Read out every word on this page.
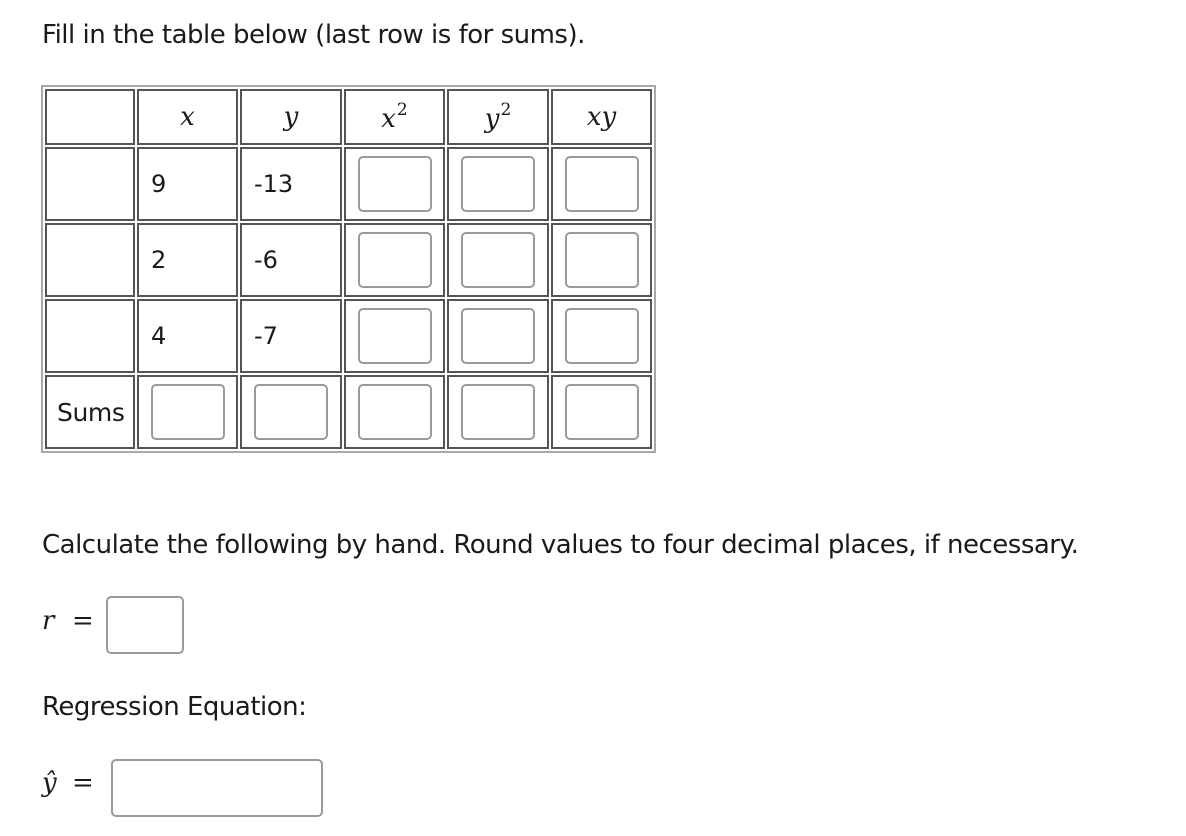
Fill in the table below (last row is for sums).

	x	y	$x^2$	$y^2$	xy

	9	-13	

	2	-6	

	4	-7	

Sums	

Calculate the following by hand. Round values to four decimal places, if necessary.
r =
Regression Equation:
ŷ =
